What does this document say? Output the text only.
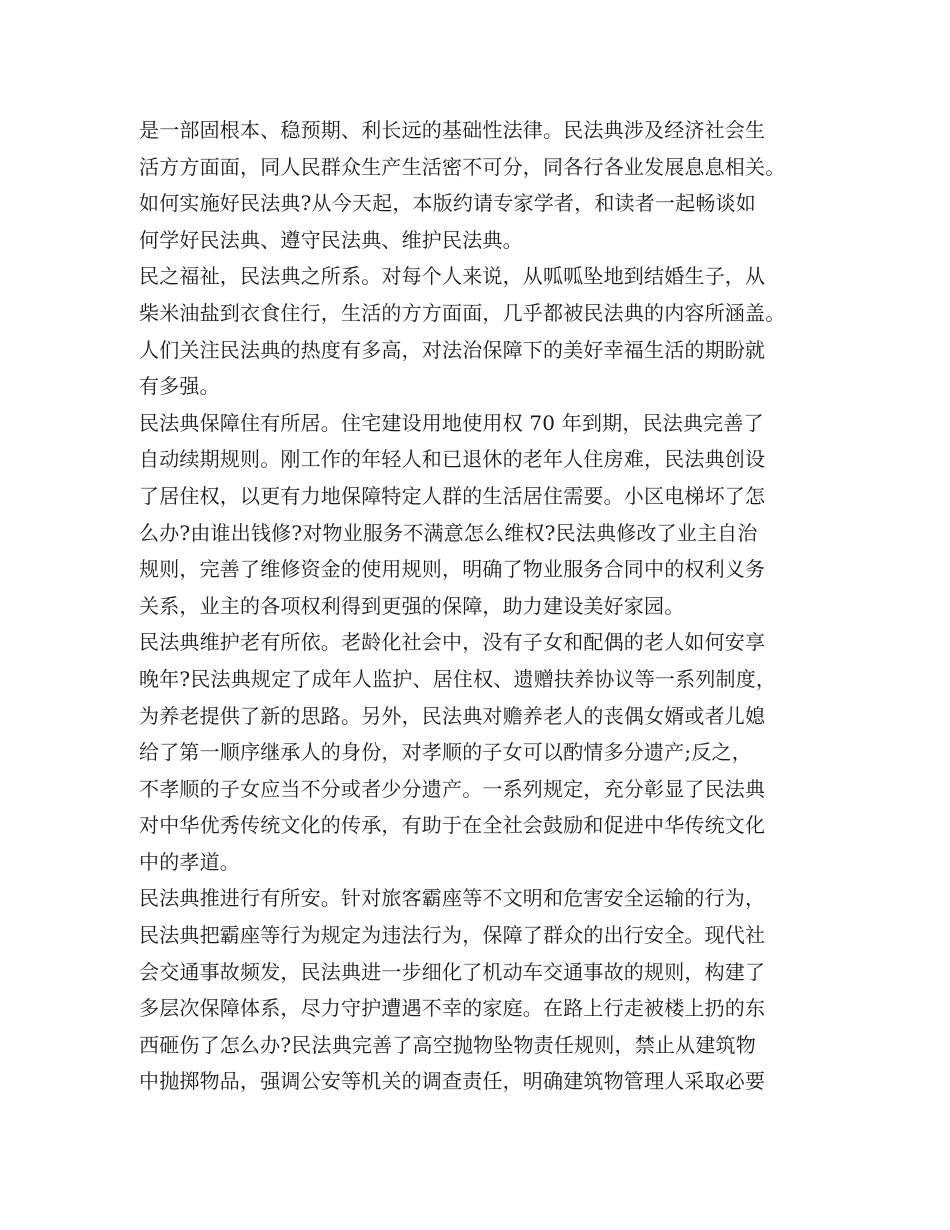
是一部固根本、稳预期、利长远的基础性法律。民法典涉及经济社会生
活方方面面，同人民群众生产生活密不可分，同各行各业发展息息相关。
如何实施好民法典?从今天起，本版约请专家学者，和读者一起畅谈如
何学好民法典、遵守民法典、维护民法典。
民之福祉，民法典之所系。对每个人来说，从呱呱坠地到结婚生子，从
柴米油盐到衣食住行，生活的方方面面，几乎都被民法典的内容所涵盖。
人们关注民法典的热度有多高，对法治保障下的美好幸福生活的期盼就
有多强。
民法典保障住有所居。住宅建设用地使用权 70 年到期，民法典完善了
自动续期规则。刚工作的年轻人和已退休的老年人住房难，民法典创设
了居住权，以更有力地保障特定人群的生活居住需要。小区电梯坏了怎
么办?由谁出钱修?对物业服务不满意怎么维权?民法典修改了业主自治
规则，完善了维修资金的使用规则，明确了物业服务合同中的权利义务
关系，业主的各项权利得到更强的保障，助力建设美好家园。
民法典维护老有所依。老龄化社会中，没有子女和配偶的老人如何安享
晚年?民法典规定了成年人监护、居住权、遗赠扶养协议等一系列制度，
为养老提供了新的思路。另外，民法典对赡养老人的丧偶女婿或者儿媳
给了第一顺序继承人的身份，对孝顺的子女可以酌情多分遗产;反之，
不孝顺的子女应当不分或者少分遗产。一系列规定，充分彰显了民法典
对中华优秀传统文化的传承，有助于在全社会鼓励和促进中华传统文化
中的孝道。
民法典推进行有所安。针对旅客霸座等不文明和危害安全运输的行为，
民法典把霸座等行为规定为违法行为，保障了群众的出行安全。现代社
会交通事故频发，民法典进一步细化了机动车交通事故的规则，构建了
多层次保障体系，尽力守护遭遇不幸的家庭。在路上行走被楼上扔的东
西砸伤了怎么办?民法典完善了高空抛物坠物责任规则，禁止从建筑物
中抛掷物品，强调公安等机关的调查责任，明确建筑物管理人采取必要
